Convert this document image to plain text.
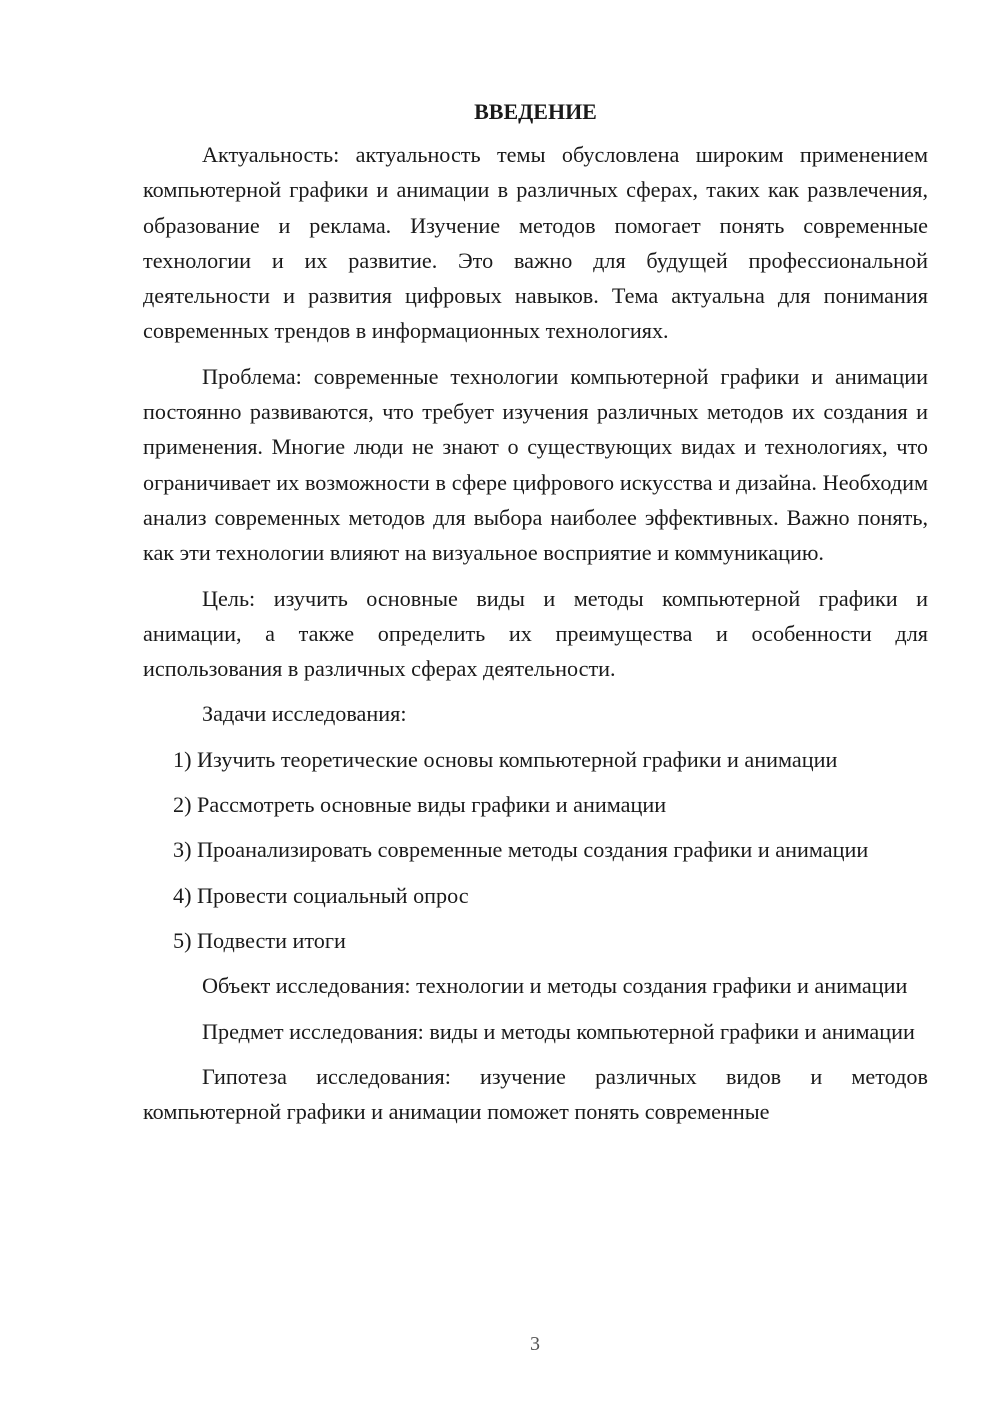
ВВЕДЕНИЕ

Актуальность: актуальность темы обусловлена широким применением компьютерной графики и анимации в различных сферах, таких как развлечения, образование и реклама. Изучение методов помогает понять современные технологии и их развитие. Это важно для будущей профессиональной деятельности и развития цифровых навыков. Тема актуальна для понимания современных трендов в информационных технологиях.

Проблема: современные технологии компьютерной графики и анимации постоянно развиваются, что требует изучения различных методов их создания и применения. Многие люди не знают о существующих видах и технологиях, что ограничивает их возможности в сфере цифрового искусства и дизайна. Необходим анализ современных методов для выбора наиболее эффективных. Важно понять, как эти технологии влияют на визуальное восприятие и коммуникацию.

Цель: изучить основные виды и методы компьютерной графики и анимации, а также определить их преимущества и особенности для использования в различных сферах деятельности.

Задачи исследования:

1) Изучить теоретические основы компьютерной графики и анимации

2) Рассмотреть основные виды графики и анимации

3) Проанализировать современные методы создания графики и анимации

4) Провести социальный опрос

5) Подвести итоги

Объект исследования: технологии и методы создания графики и анимации

Предмет исследования: виды и методы компьютерной графики и анимации

Гипотеза исследования: изучение различных видов и методов компьютерной графики и анимации поможет понять современные

3
